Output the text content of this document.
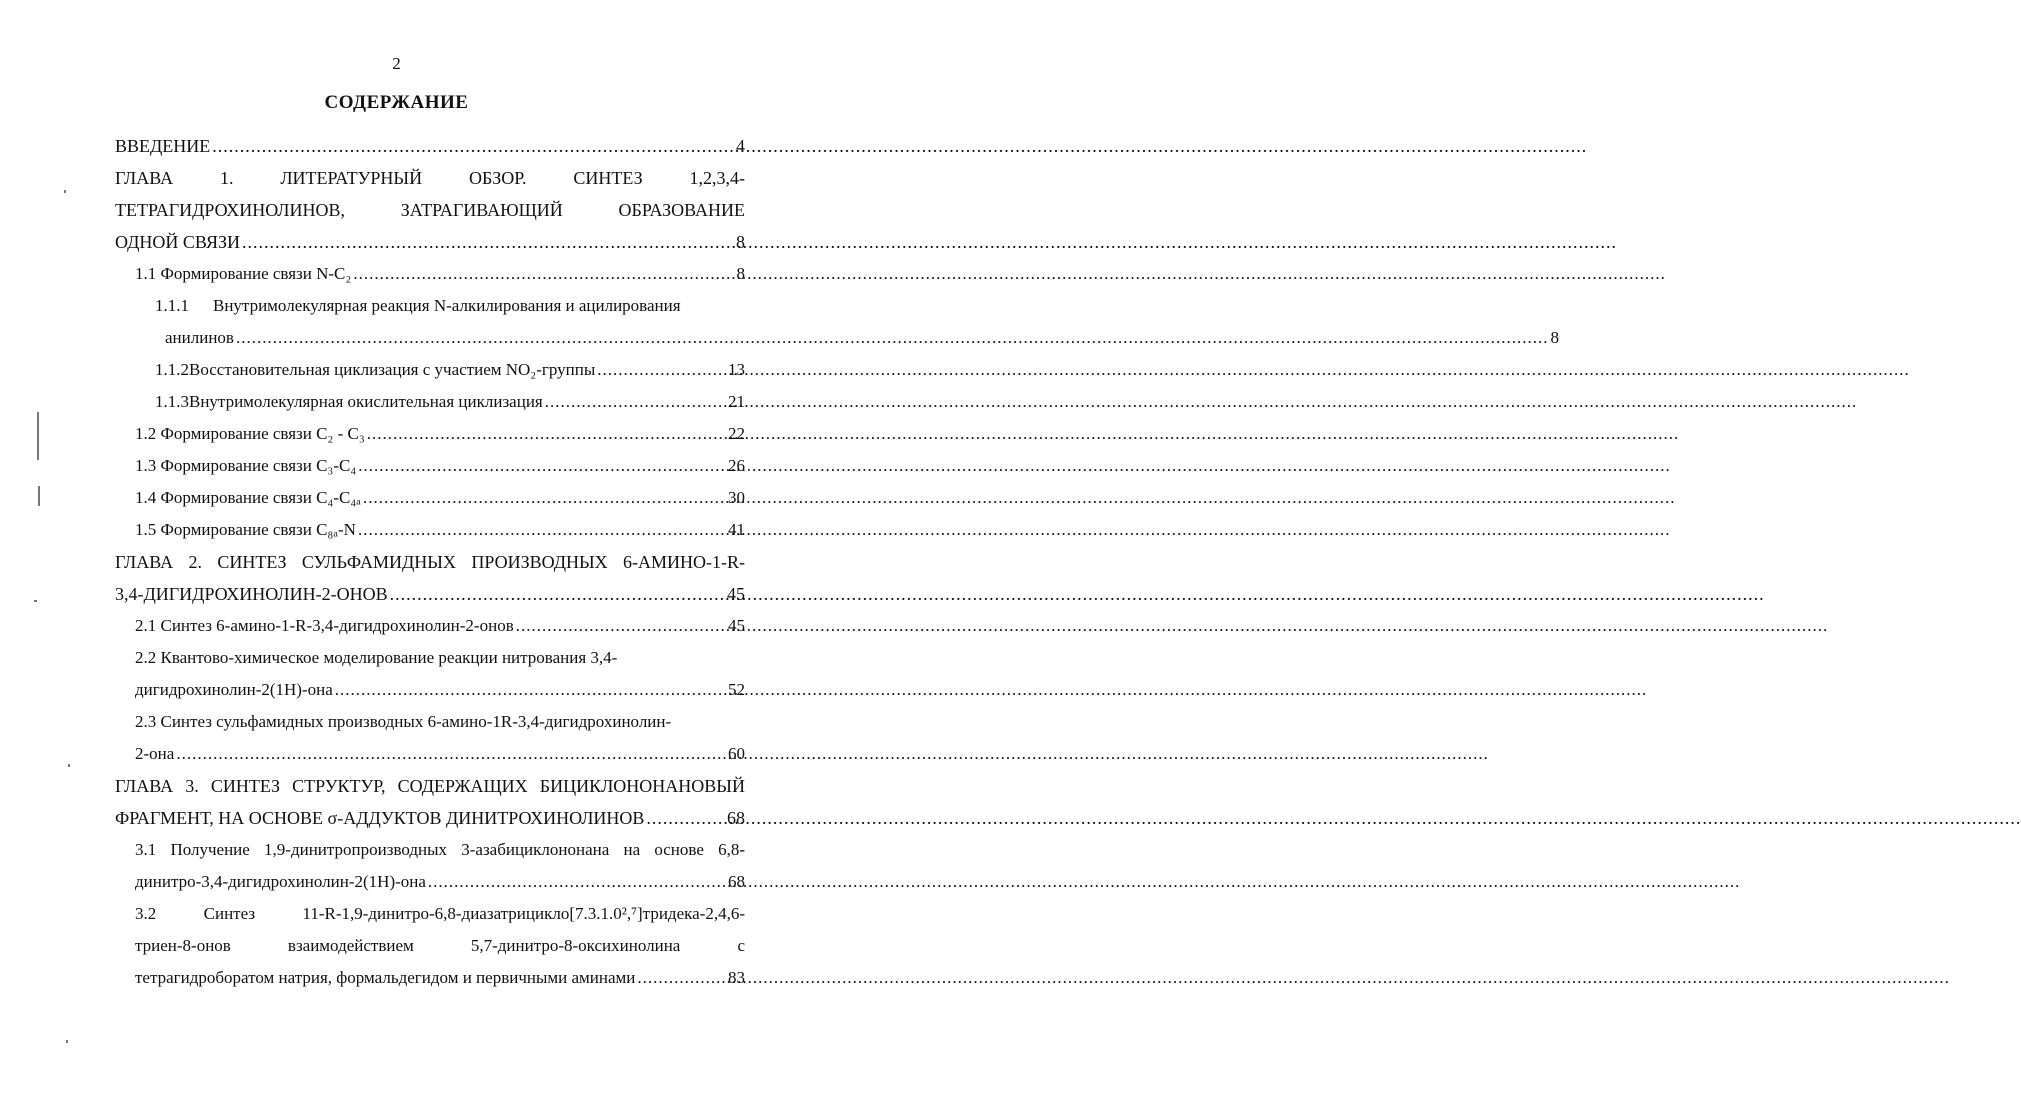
2
СОДЕРЖАНИЕ
ВВЕДЕНИЕ .....	4
ГЛАВА 1. ЛИТЕРАТУРНЫЙ ОБЗОР. СИНТЕЗ 1,2,3,4-
ТЕТРАГИДРОХИНОЛИНОВ, ЗАТРАГИВАЮЩИЙ ОБРАЗОВАНИЕ
ОДНОЙ СВЯЗИ .....	8
1.1 Формирование связи N-C₂ .....	8
1.1.1	Внутримолекулярная реакция N-алкилирования и ацилирования
анилинов .....	8
1.1.2 Восстановительная циклизация с участием NO₂-группы .....	13
1.1.3 Внутримолекулярная окислительная циклизация .....	21
1.2 Формирование связи C₂ - C₃ .....	22
1.3 Формирование связи C₃-C₄ .....	26
1.4 Формирование связи C₄-C₄ₐ .....	30
1.5 Формирование связи C₈ₐ-N .....	41
ГЛАВА 2. СИНТЕЗ СУЛЬФАМИДНЫХ ПРОИЗВОДНЫХ 6-АМИНО-1-R-
3,4-ДИГИДРОХИНОЛИН-2-ОНОВ .....	45
2.1 Синтез 6-амино-1-R-3,4-дигидрохинолин-2-онов .....	45
2.2 Квантово-химическое моделирование реакции нитрования 3,4-
дигидрохинолин-2(1H)-она .....	52
2.3 Синтез сульфамидных производных 6-амино-1R-3,4-дигидрохинолин-
2-она .....	60
ГЛАВА 3. СИНТЕЗ СТРУКТУР, СОДЕРЖАЩИХ БИЦИКЛОНОНАНОВЫЙ
ФРАГМЕНТ, НА ОСНОВЕ σ-АДДУКТОВ ДИНИТРОХИНОЛИНОВ .....	68
3.1 Получение 1,9-динитропроизводных 3-азабициклононана на основе 6,8-
динитро-3,4-дигидрохинолин-2(1H)-она .....	68
3.2 Синтез 11-R-1,9-динитро-6,8-диазатрицикло[7.3.1.0²,⁷]тридека-2,4,6-
триен-8-онов взаимодействием 5,7-динитро-8-оксихинолина с
тетрагидроборатом натрия, формальдегидом и первичными аминами .....	83
